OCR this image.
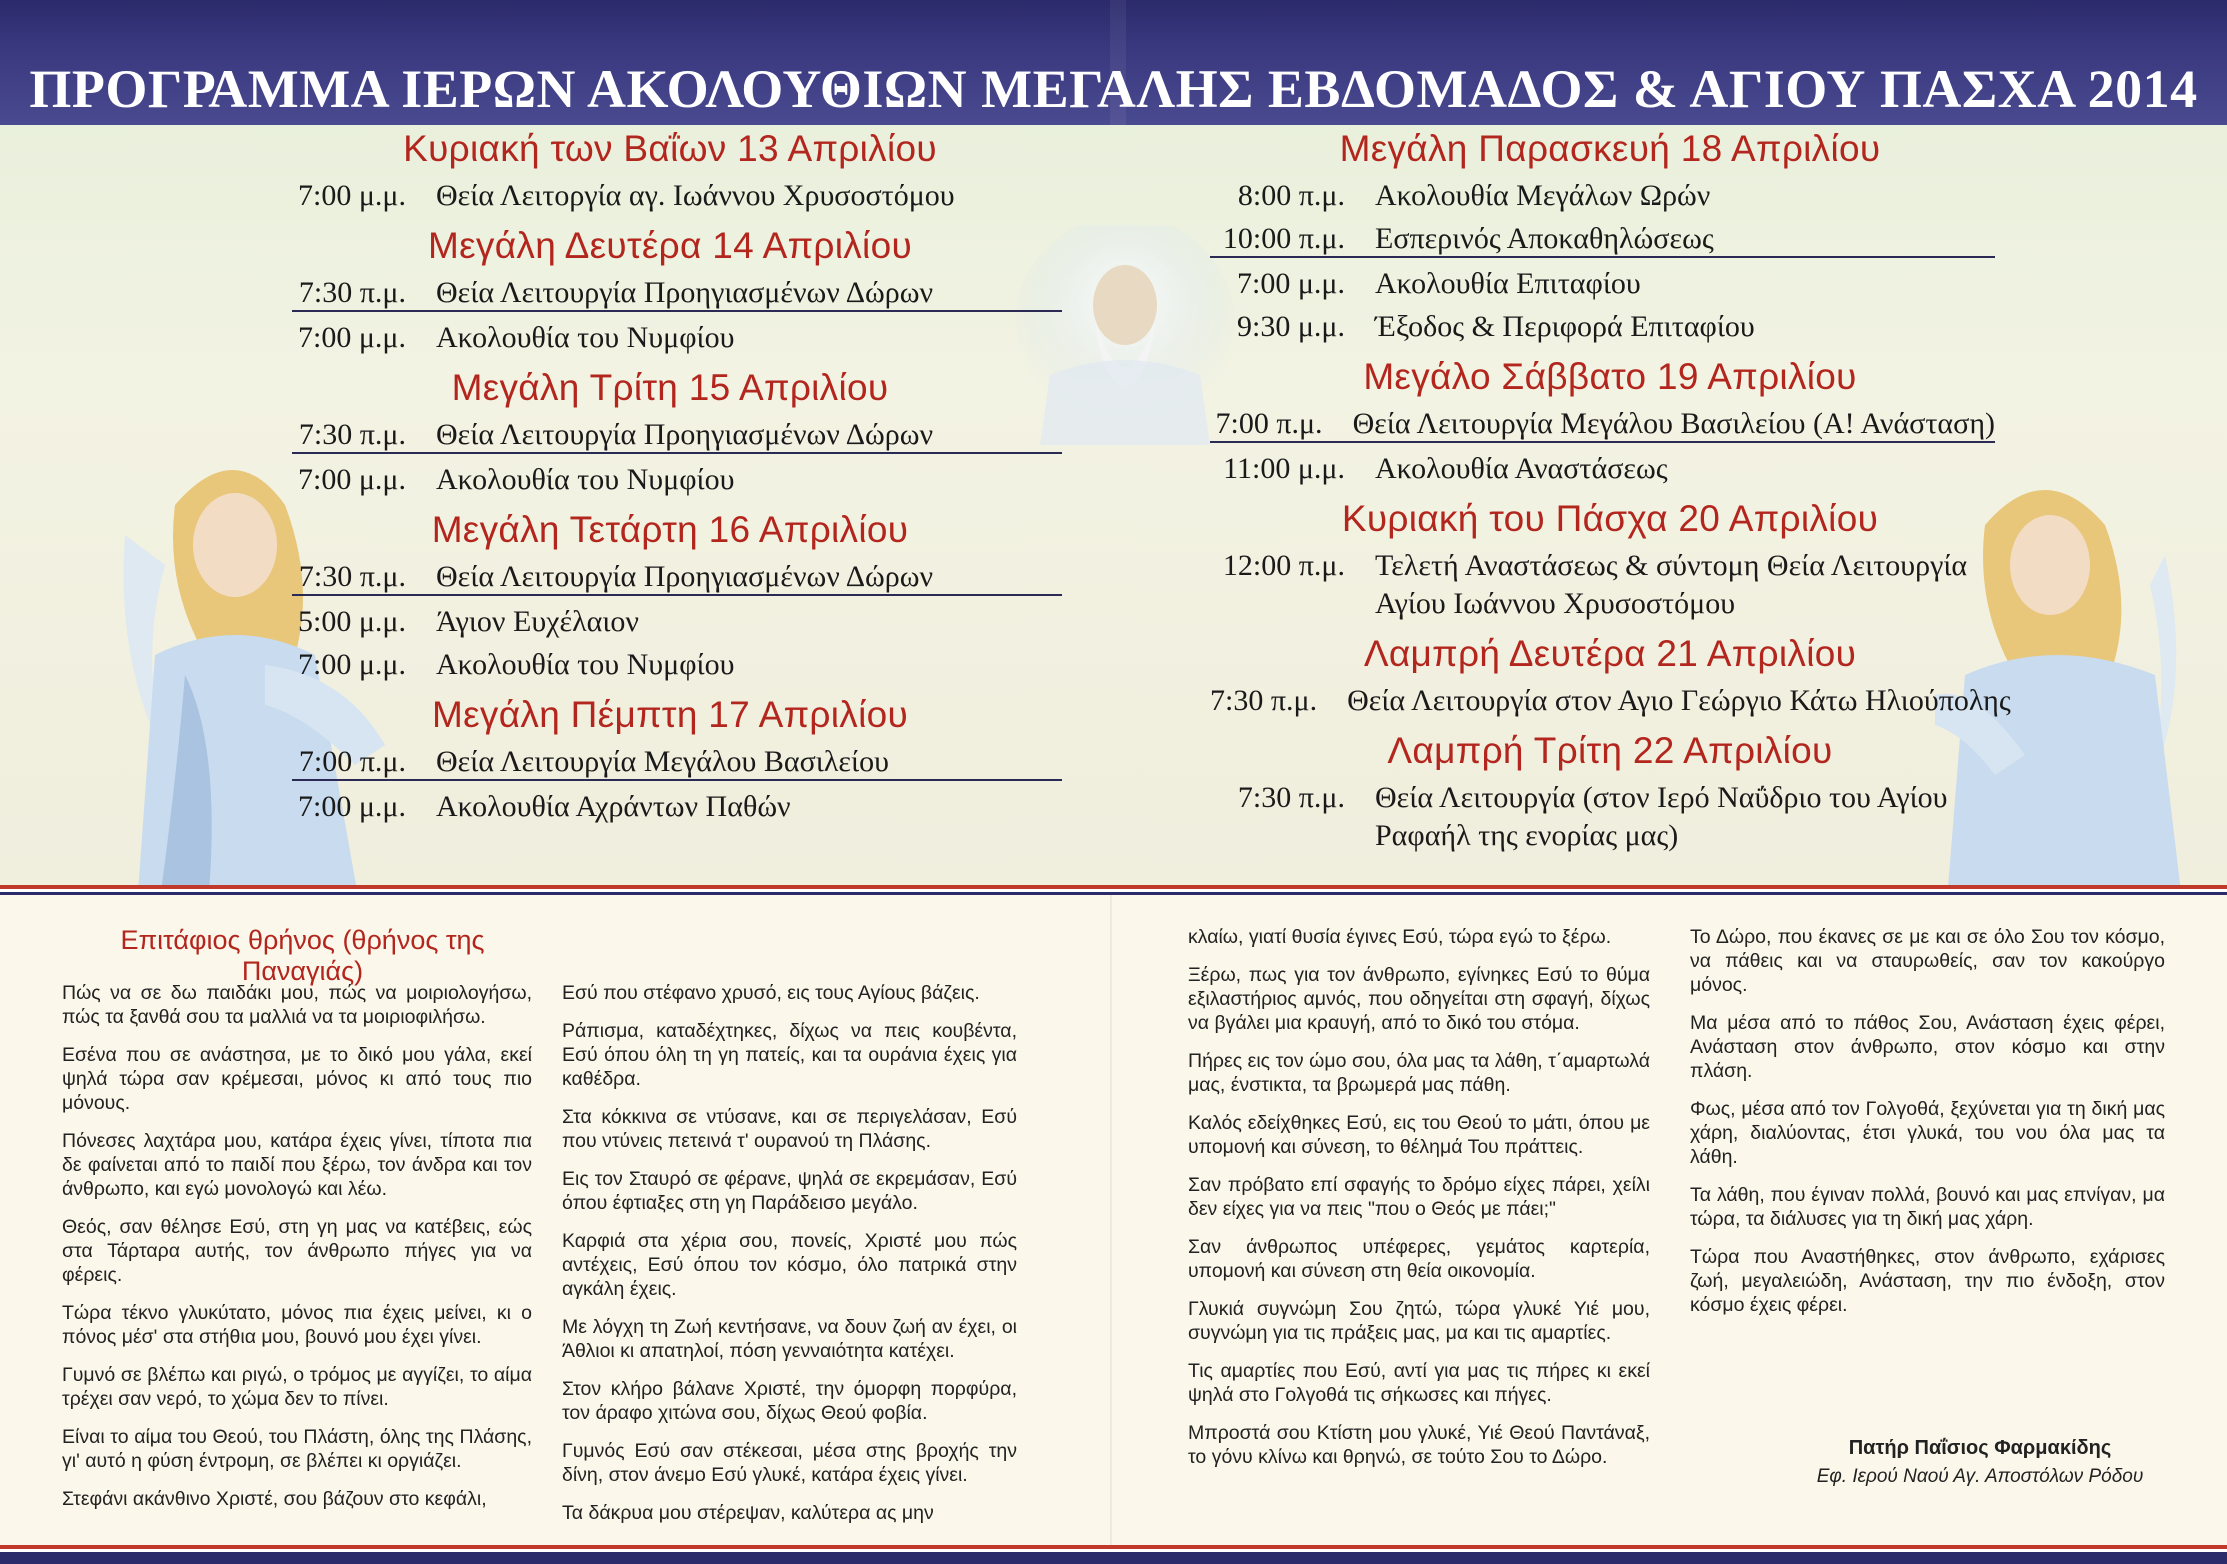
ΠΡΟΓΡΑΜΜΑ ΙΕΡΩΝ ΑΚΟΛΟΥΘΙΩΝ ΜΕΓΑΛΗΣ ΕΒΔΟΜΑΔΟΣ & ΑΓΙΟΥ ΠΑΣΧΑ 2014
Κυριακή των Βαΐων 13 Απριλίου
7:00 μ.μ.	Θεία Λειτοργία αγ. Ιωάννου Χρυσοστόμου
Μεγάλη Δευτέρα 14 Απριλίου
7:30 π.μ.	Θεία Λειτουργία Προηγιασμένων Δώρων
7:00 μ.μ.	Ακολουθία του Νυμφίου
Μεγάλη Τρίτη 15 Απριλίου
7:30 π.μ.	Θεία Λειτουργία Προηγιασμένων Δώρων
7:00 μ.μ.	Ακολουθία του Νυμφίου
Μεγάλη Τετάρτη 16 Απριλίου
7:30 π.μ.	Θεία Λειτουργία Προηγιασμένων Δώρων
5:00 μ.μ.	Άγιον Ευχέλαιον
7:00 μ.μ.	Ακολουθία του Νυμφίου
Μεγάλη Πέμπτη 17 Απριλίου
7:00 π.μ.	Θεία Λειτουργία Μεγάλου Βασιλείου
7:00 μ.μ.	Ακολουθία Αχράντων Παθών
Μεγάλη Παρασκευή 18 Απριλίου
8:00 π.μ.	Ακολουθία Μεγάλων Ωρών
10:00 π.μ.	Εσπερινός Αποκαθηλώσεως
7:00 μ.μ.	Ακολουθία Επιταφίου
9:30 μ.μ.	Έξοδος & Περιφορά Επιταφίου
Μεγάλο Σάββατο 19 Απριλίου
7:00 π.μ.	Θεία Λειτουργία Μεγάλου Βασιλείου (Α! Ανάσταση)
11:00 μ.μ.	Ακολουθία Αναστάσεως
Κυριακή του Πάσχα 20 Απριλίου
12:00 π.μ.	Τελετή Αναστάσεως & σύντομη Θεία Λειτουργία
Αγίου Ιωάννου Χρυσοστόμου
Λαμπρή Δευτέρα 21 Απριλίου
7:30 π.μ.	Θεία Λειτουργία στον Αγιο Γεώργιο Κάτω Ηλιούπολης
Λαμπρή Τρίτη 22 Απριλίου
7:30 π.μ.	Θεία Λειτουργία (στον Ιερό Ναΰδριο του Αγίου
Ραφαήλ της ενορίας μας)
Επιτάφιος θρήνος (θρήνος της Παναγιάς)

Πώς να σε δω παιδάκι μου, πώς να μοιριολογήσω, πώς τα ξανθά σου τα μαλλιά να τα μοιριοφιλήσω.

Εσένα που σε ανάστησα, με το δικό μου γάλα, εκεί ψηλά τώρα σαν κρέμεσαι, μόνος κι από τους πιο μόνους.

Πόνεσες λαχτάρα μου, κατάρα έχεις γίνει, τίποτα πια δε φαίνεται από το παιδί που ξέρω, τον άνδρα και τον άνθρωπο, και εγώ μονολογώ και λέω.

Θεός, σαν θέλησε Εσύ, στη γη μας να κατέβεις, εώς στα Τάρταρα αυτής, τον άνθρωπο πήγες για να φέρεις.

Τώρα τέκνο γλυκύτατο, μόνος πια έχεις μείνει, κι ο πόνος μέσ' στα στήθια μου, βουνό μου έχει γίνει.

Γυμνό σε βλέπω και ριγώ, ο τρόμος με αγγίζει, το αίμα τρέχει σαν νερό, το χώμα δεν το πίνει.

Είναι το αίμα του Θεού, του Πλάστη, όλης της Πλάσης, γι' αυτό η φύση έντρομη, σε βλέπει κι οργιάζει.

Στεφάνι ακάνθινο Χριστέ, σου βάζουν στο κεφάλι,

Εσύ που στέφανο χρυσό, εις τους Αγίους βάζεις.

Ράπισμα, καταδέχτηκες, δίχως να πεις κουβέντα, Εσύ όπου όλη τη γη πατείς, και τα ουράνια έχεις για καθέδρα.

Στα κόκκινα σε ντύσανε, και σε περιγελάσαν, Εσύ που ντύνεις πετεινά τ' ουρανού τη Πλάσης.

Εις τον Σταυρό σε φέρανε, ψηλά σε εκρεμάσαν, Εσύ όπου έφτιαξες στη γη Παράδεισο μεγάλο.

Καρφιά στα χέρια σου, πονείς, Χριστέ μου πώς αντέχεις, Εσύ όπου τον κόσμο, όλο πατρικά στην αγκάλη έχεις.

Με λόγχη τη Ζωή κεντήσανε, να δουν ζωή αν έχει, οι Άθλιοι κι απατηλοί, πόση γενναιότητα κατέχει.

Στον κλήρο βάλανε Χριστέ, την όμορφη πορφύρα, τον άραφο χιτώνα σου, δίχως Θεού φοβία.

Γυμνός Εσύ σαν στέκεσαι, μέσα στης βροχής την δίνη, στον άνεμο Εσύ γλυκέ, κατάρα έχεις γίνει.

Τα δάκρυα μου στέρεψαν, καλύτερα ας μην

κλαίω, γιατί θυσία έγινες Εσύ, τώρα εγώ το ξέρω.

Ξέρω, πως για τον άνθρωπο, εγίνηκες Εσύ το θύμα εξιλαστήριος αμνός, που οδηγείται στη σφαγή, δίχως να βγάλει μια κραυγή, από το δικό του στόμα.

Πήρες εις τον ώμο σου, όλα μας τα λάθη, τ΄αμαρτωλά μας, ένστικτα, τα βρωμερά μας πάθη.

Καλός εδείχθηκες Εσύ, εις του Θεού το μάτι, όπου με υπομονή και σύνεση, το θέλημά Του πράττεις.

Σαν πρόβατο επί σφαγής το δρόμο είχες πάρει, χείλι δεν είχες για να πεις "που ο Θεός με πάει;"

Σαν άνθρωπος υπέφερες, γεμάτος καρτερία, υπομονή και σύνεση στη θεία οικονομία.

Γλυκιά συγνώμη Σου ζητώ, τώρα γλυκέ Υιέ μου, συγνώμη για τις πράξεις μας, μα και τις αμαρτίες.

Τις αμαρτίες που Εσύ, αντί για μας τις πήρες κι εκεί ψηλά στο Γολγοθά τις σήκωσες και πήγες.

Μπροστά σου Κτίστη μου γλυκέ, Υιέ Θεού Παντάναξ, το γόνυ κλίνω και θρηνώ, σε τούτο Σου το Δώρο.

Το Δώρο, που έκανες σε με και σε όλο Σου τον κόσμο, να πάθεις και να σταυρωθείς, σαν τον κακούργο μόνος.

Μα μέσα από το πάθος Σου, Ανάσταση έχεις φέρει, Ανάσταση στον άνθρωπο, στον κόσμο και στην πλάση.

Φως, μέσα από τον Γολγοθά, ξεχύνεται για τη δική μας χάρη, διαλύοντας, έτσι γλυκά, του νου όλα μας τα λάθη.

Τα λάθη, που έγιναν πολλά, βουνό και μας επνίγαν, μα τώρα, τα διάλυσες για τη δική μας χάρη.

Τώρα που Αναστήθηκες, στον άνθρωπο, εχάρισες ζωή, μεγαλειώδη, Ανάσταση, την πιο ένδοξη, στον κόσμο έχεις φέρει.

Πατήρ Παΐσιος Φαρμακίδης
Εφ. Ιερού Ναού Αγ. Αποστόλων Ρόδου
